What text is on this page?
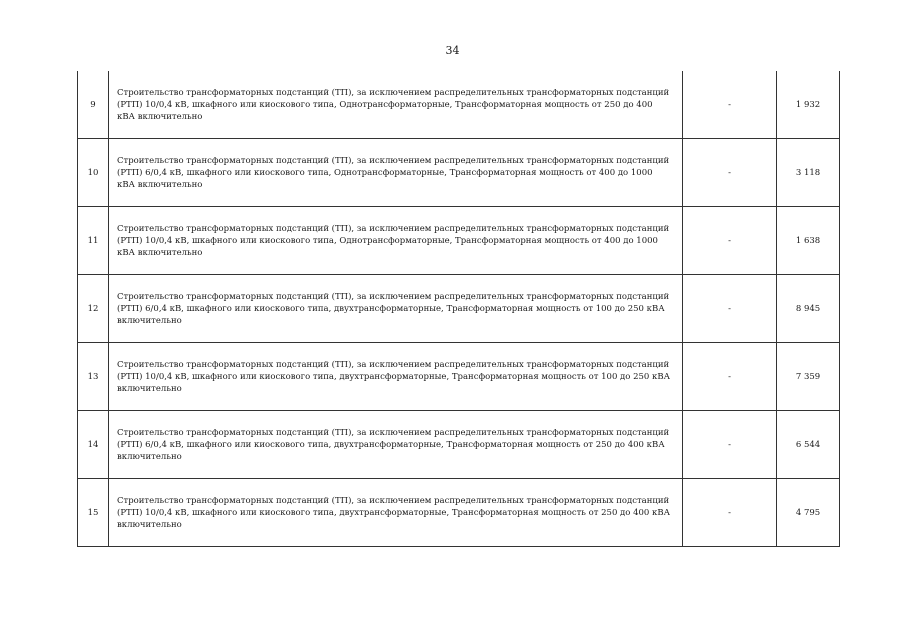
34
9	Строительство трансформаторных подстанций (ТП), за исключением распределительных трансформаторных подстанций (РТП) 10/0,4 кВ, шкафного или киоскового типа, Однотрансформаторные, Трансформаторная мощность от 250 до 400 кВА включительно	-	1 932
10	Строительство трансформаторных подстанций (ТП), за исключением распределительных трансформаторных подстанций (РТП) 6/0,4 кВ, шкафного или киоскового типа, Однотрансформаторные, Трансформаторная мощность от 400 до 1000 кВА включительно	-	3 118
11	Строительство трансформаторных подстанций (ТП), за исключением распределительных трансформаторных подстанций (РТП) 10/0,4 кВ, шкафного или киоскового типа, Однотрансформаторные, Трансформаторная мощность от 400 до 1000 кВА включительно	-	1 638
12	Строительство трансформаторных подстанций (ТП), за исключением распределительных трансформаторных подстанций (РТП) 6/0,4 кВ, шкафного или киоскового типа, двухтрансформаторные, Трансформаторная мощность от 100 до 250 кВА включительно	-	8 945
13	Строительство трансформаторных подстанций (ТП), за исключением распределительных трансформаторных подстанций (РТП) 10/0,4 кВ, шкафного или киоскового типа, двухтрансформаторные, Трансформаторная мощность от 100 до 250 кВА включительно	-	7 359
14	Строительство трансформаторных подстанций (ТП), за исключением распределительных трансформаторных подстанций (РТП) 6/0,4 кВ, шкафного или киоскового типа, двухтрансформаторные, Трансформаторная мощность от 250 до 400 кВА включительно	-	6 544
15	Строительство трансформаторных подстанций (ТП), за исключением распределительных трансформаторных подстанций (РТП) 10/0,4 кВ, шкафного или киоскового типа, двухтрансформаторные, Трансформаторная мощность от 250 до 400 кВА включительно	-	4 795
